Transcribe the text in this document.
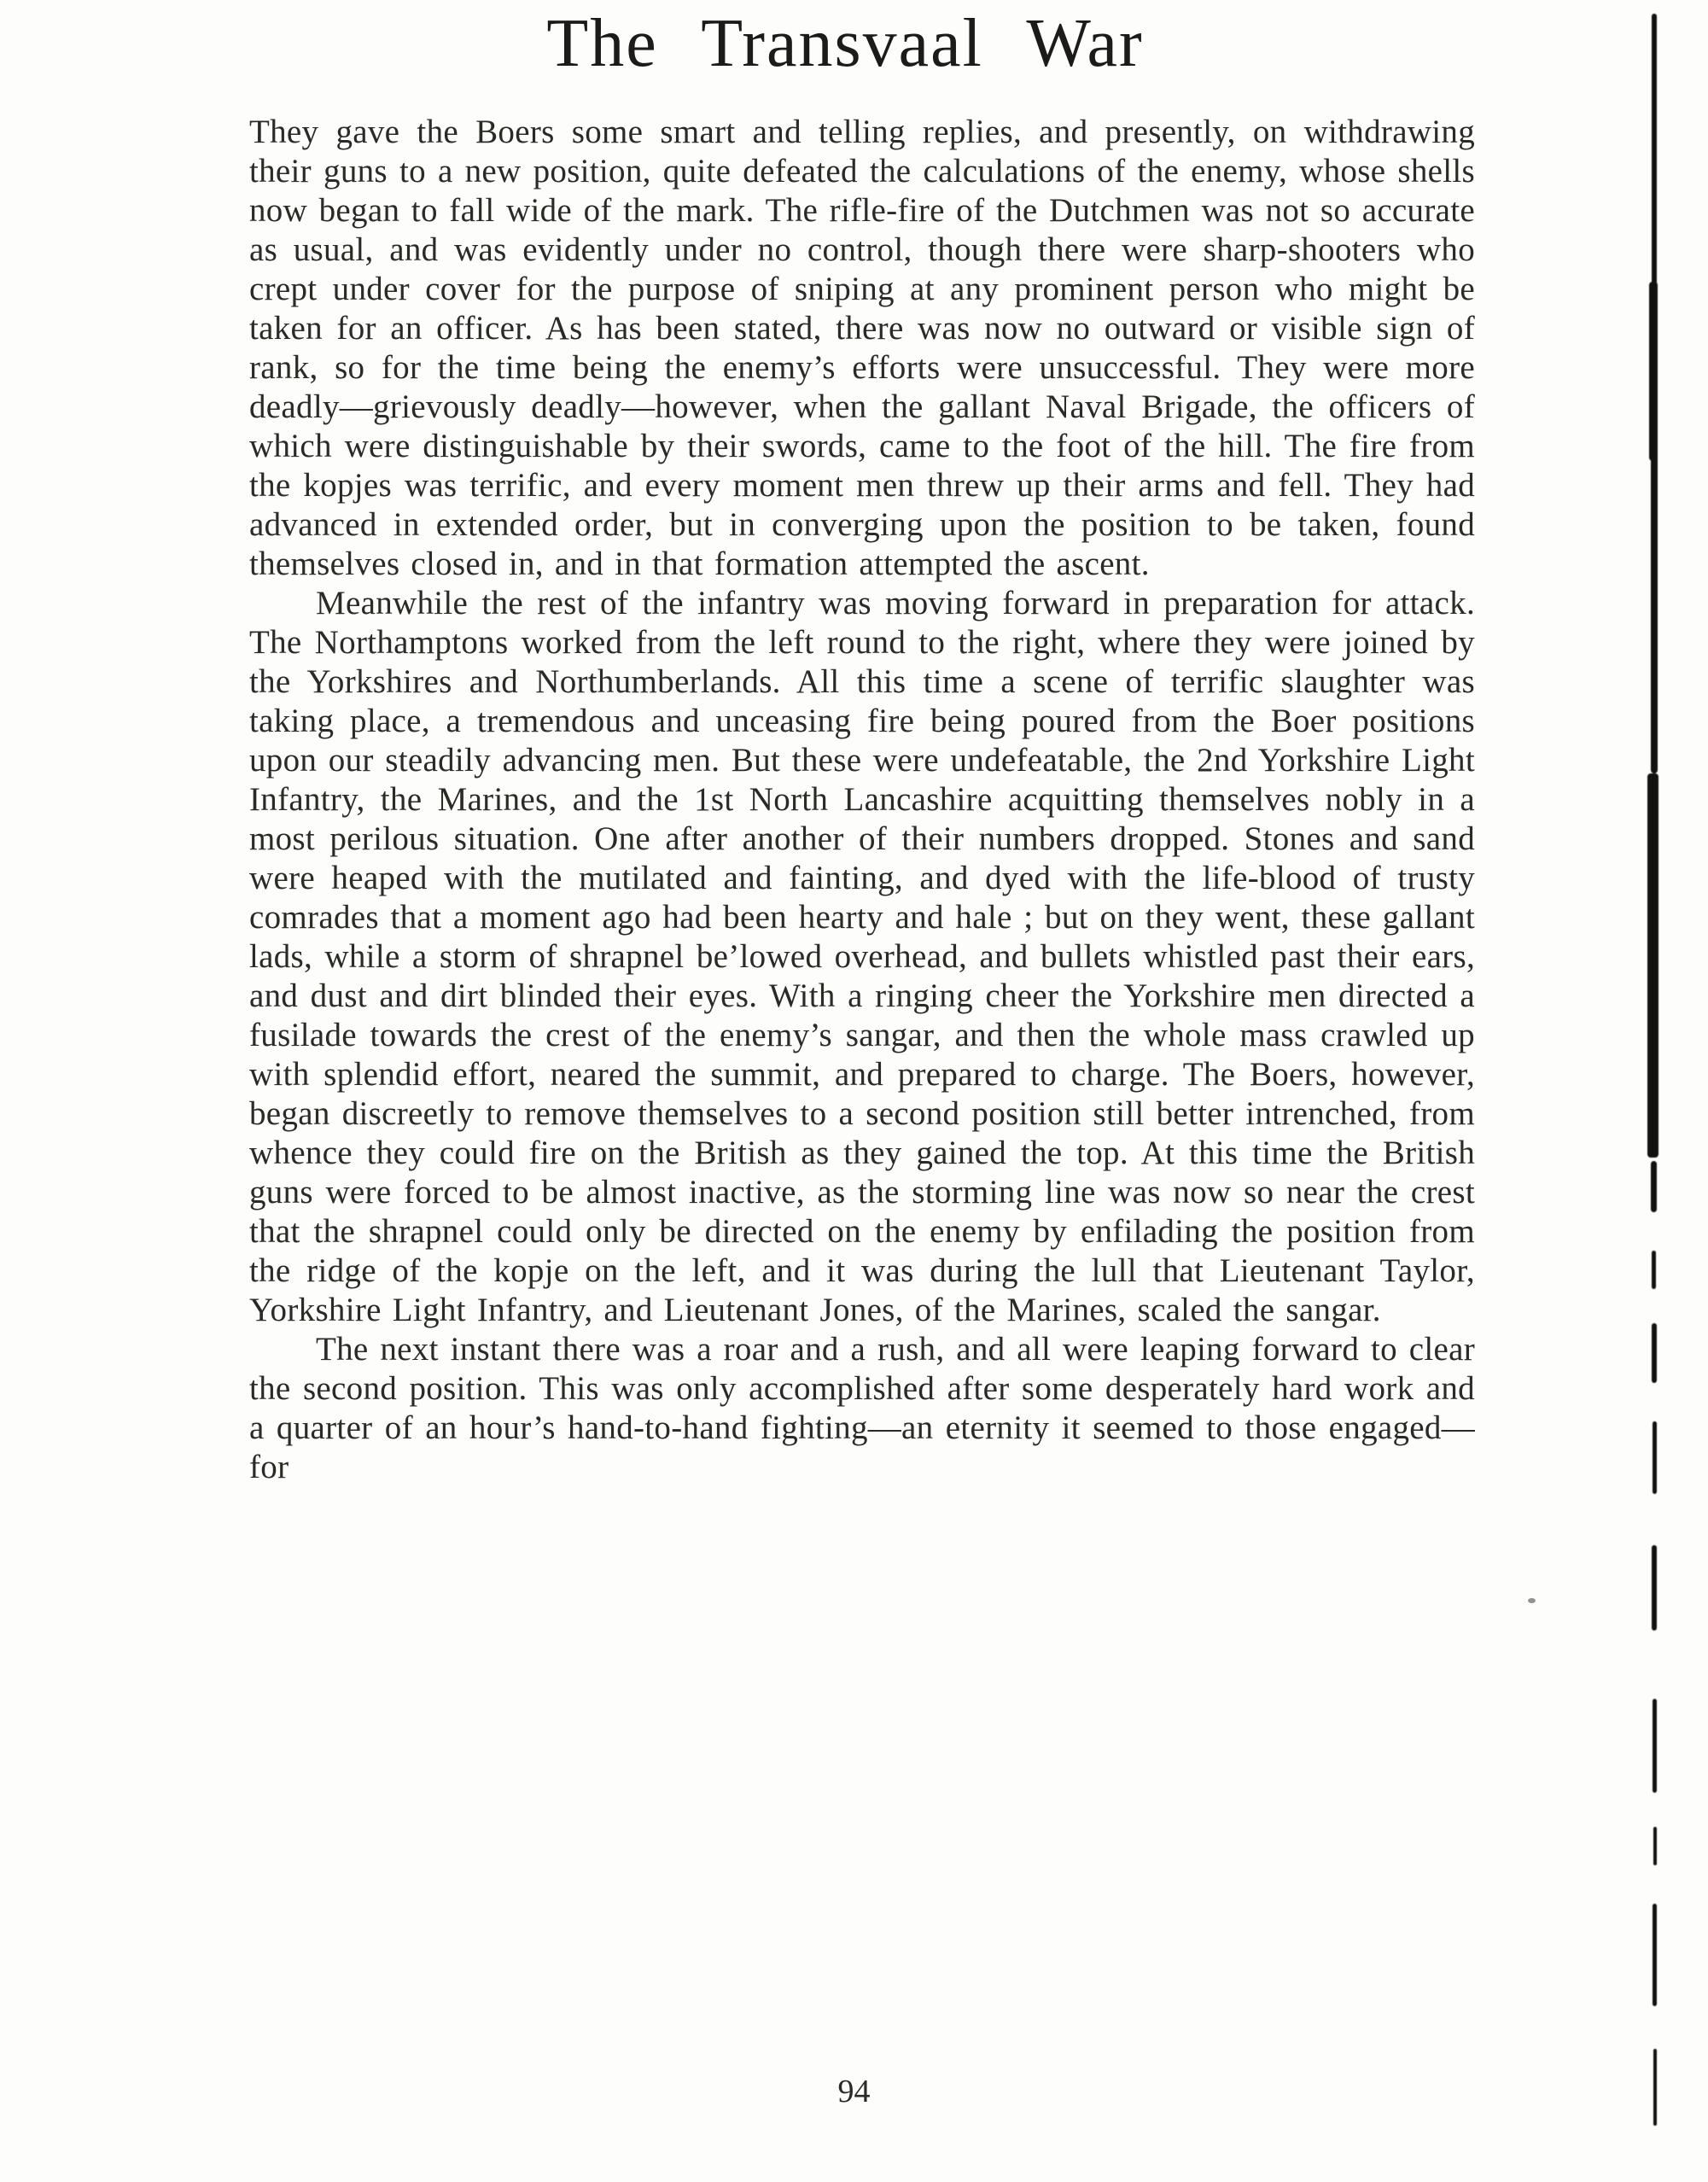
The Transvaal War

They gave the Boers some smart and telling replies, and presently, on withdrawing their guns to a new position, quite defeated the calculations of the enemy, whose shells now began to fall wide of the mark. The rifle-fire of the Dutchmen was not so accurate as usual, and was evidently under no control, though there were sharp-shooters who crept under cover for the purpose of sniping at any prominent person who might be taken for an officer. As has been stated, there was now no outward or visible sign of rank, so for the time being the enemy’s efforts were unsuccessful. They were more deadly—grievously deadly—however, when the gallant Naval Brigade, the officers of which were distinguishable by their swords, came to the foot of the hill. The fire from the kopjes was terrific, and every moment men threw up their arms and fell. They had advanced in extended order, but in converging upon the position to be taken, found themselves closed in, and in that formation attempted the ascent.

Meanwhile the rest of the infantry was moving forward in preparation for attack. The Northamptons worked from the left round to the right, where they were joined by the Yorkshires and Northumberlands. All this time a scene of terrific slaughter was taking place, a tremendous and unceasing fire being poured from the Boer positions upon our steadily advancing men. But these were undefeatable, the 2nd Yorkshire Light Infantry, the Marines, and the 1st North Lancashire acquitting themselves nobly in a most perilous situation. One after another of their numbers dropped. Stones and sand were heaped with the mutilated and fainting, and dyed with the life-blood of trusty comrades that a moment ago had been hearty and hale ; but on they went, these gallant lads, while a storm of shrapnel be’lowed overhead, and bullets whistled past their ears, and dust and dirt blinded their eyes. With a ringing cheer the Yorkshire men directed a fusilade towards the crest of the enemy’s sangar, and then the whole mass crawled up with splendid effort, neared the summit, and prepared to charge. The Boers, however, began discreetly to remove themselves to a second position still better intrenched, from whence they could fire on the British as they gained the top. At this time the British guns were forced to be almost inactive, as the storming line was now so near the crest that the shrapnel could only be directed on the enemy by enfilading the position from the ridge of the kopje on the left, and it was during the lull that Lieutenant Taylor, Yorkshire Light Infantry, and Lieutenant Jones, of the Marines, scaled the sangar.

The next instant there was a roar and a rush, and all were leaping forward to clear the second position. This was only accomplished after some desperately hard work and a quarter of an hour’s hand-to-hand fighting—an eternity it seemed to those engaged—for

94
